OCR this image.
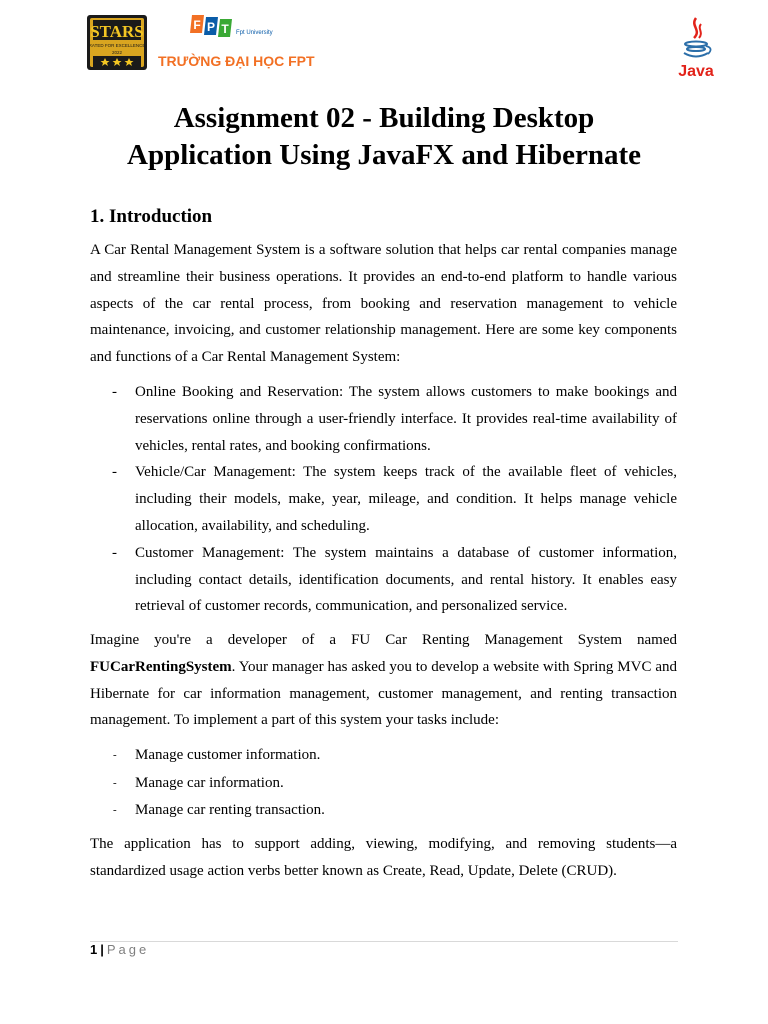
STARS
RATED FOR EXCELLENCE
2022
F P T Fpt University
TRƯỜNG ĐẠI HỌC FPT
Java
Assignment 02 - Building Desktop
Application Using JavaFX and Hibernate
1. Introduction

A Car Rental Management System is a software solution that helps car rental companies manage and streamline their business operations. It provides an end-to-end platform to handle various aspects of the car rental process, from booking and reservation management to vehicle maintenance, invoicing, and customer relationship management. Here are some key components and functions of a Car Rental Management System:

- Online Booking and Reservation: The system allows customers to make bookings and reservations online through a user-friendly interface. It provides real-time availability of vehicles, rental rates, and booking confirmations.
- Vehicle/Car Management: The system keeps track of the available fleet of vehicles, including their models, make, year, mileage, and condition. It helps manage vehicle allocation, availability, and scheduling.
- Customer Management: The system maintains a database of customer information, including contact details, identification documents, and rental history. It enables easy retrieval of customer records, communication, and personalized service.

Imagine you're a developer of a FU Car Renting Management System named FUCarRentingSystem. Your manager has asked you to develop a website with Spring MVC and Hibernate for car information management, customer management, and renting transaction management. To implement a part of this system your tasks include:

- Manage customer information.
- Manage car information.
- Manage car renting transaction.

The application has to support adding, viewing, modifying, and removing students—a standardized usage action verbs better known as Create, Read, Update, Delete (CRUD).

1 | Page
